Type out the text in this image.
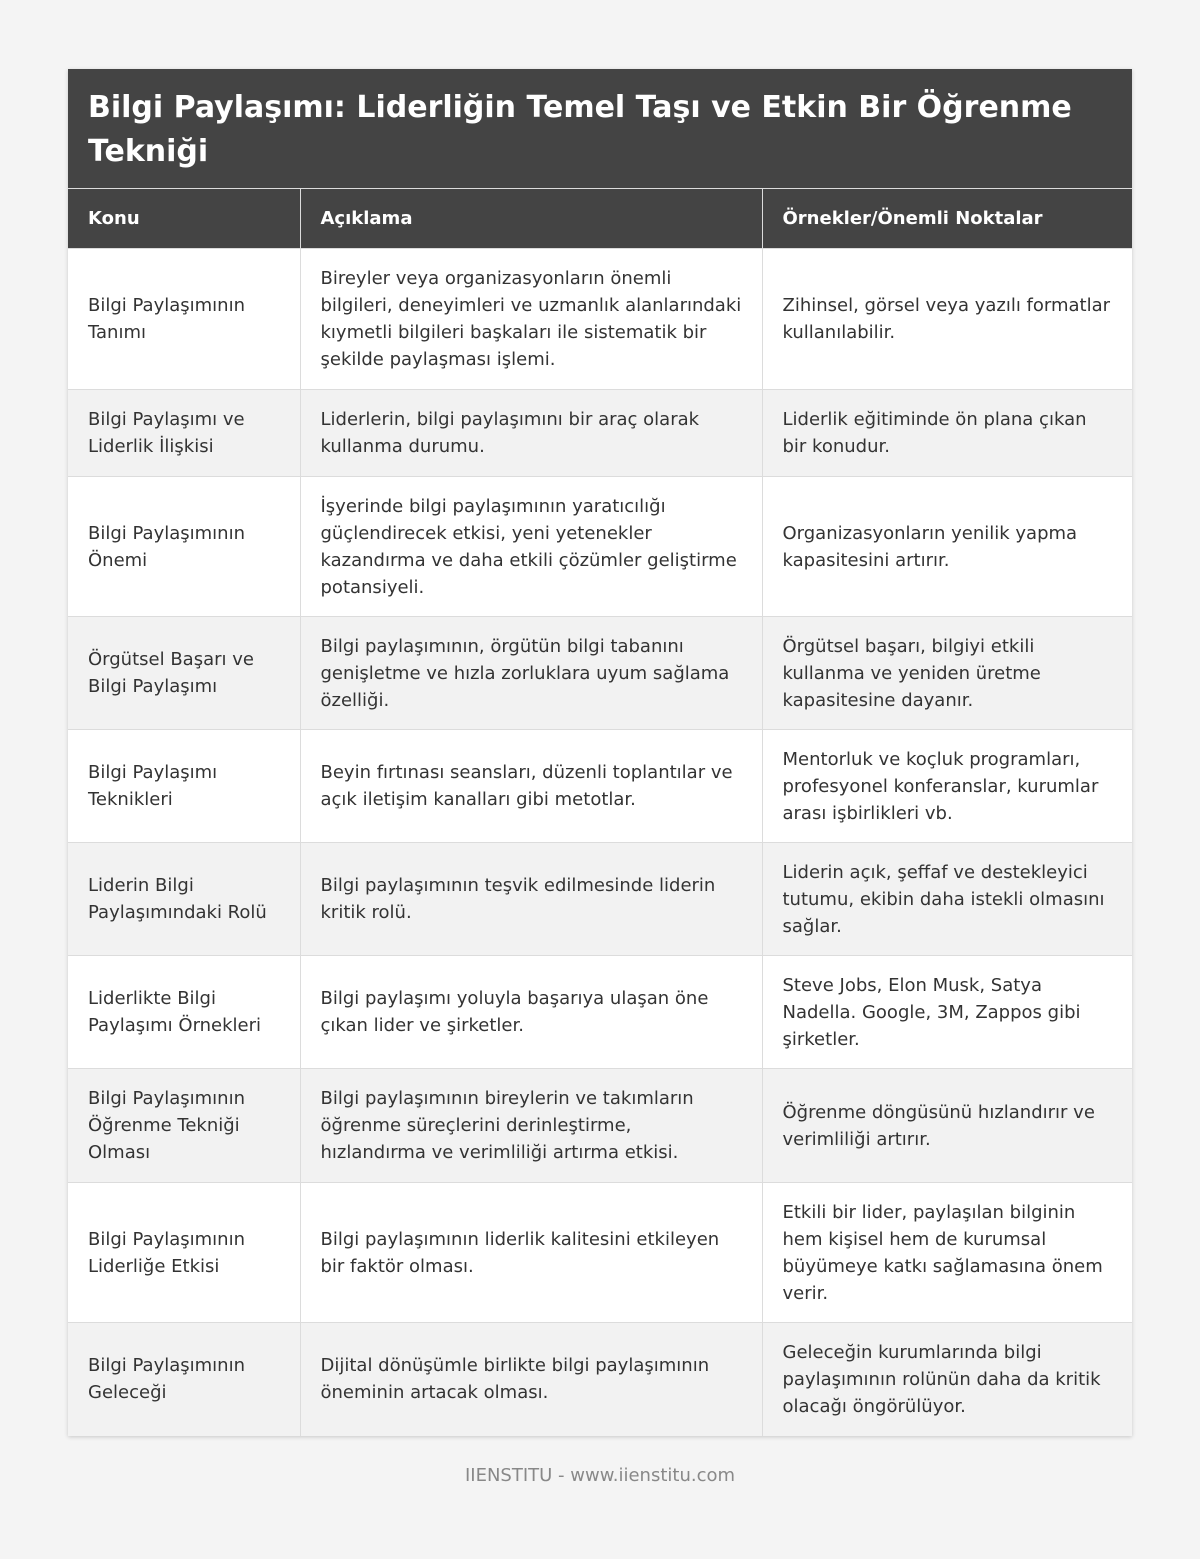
Bilgi Paylaşımı: Liderliğin Temel Taşı ve Etkin Bir Öğrenme Tekniği
Konu	Açıklama	Örnekler/Önemli Noktalar
Bilgi Paylaşımının Tanımı	Bireyler veya organizasyonların önemli bilgileri, deneyimleri ve uzmanlık alanlarındaki kıymetli bilgileri başkaları ile sistematik bir şekilde paylaşması işlemi.	Zihinsel, görsel veya yazılı formatlar kullanılabilir.
Bilgi Paylaşımı ve Liderlik İlişkisi	Liderlerin, bilgi paylaşımını bir araç olarak kullanma durumu.	Liderlik eğitiminde ön plana çıkan bir konudur.
Bilgi Paylaşımının Önemi	İşyerinde bilgi paylaşımının yaratıcılığı güçlendirecek etkisi, yeni yetenekler kazandırma ve daha etkili çözümler geliştirme potansiyeli.	Organizasyonların yenilik yapma kapasitesini artırır.
Örgütsel Başarı ve Bilgi Paylaşımı	Bilgi paylaşımının, örgütün bilgi tabanını genişletme ve hızla zorluklara uyum sağlama özelliği.	Örgütsel başarı, bilgiyi etkili kullanma ve yeniden üretme kapasitesine dayanır.
Bilgi Paylaşımı Teknikleri	Beyin fırtınası seansları, düzenli toplantılar ve açık iletişim kanalları gibi metotlar.	Mentorluk ve koçluk programları, profesyonel konferanslar, kurumlar arası işbirlikleri vb.
Liderin Bilgi Paylaşımındaki Rolü	Bilgi paylaşımının teşvik edilmesinde liderin kritik rolü.	Liderin açık, şeffaf ve destekleyici tutumu, ekibin daha istekli olmasını sağlar.
Liderlikte Bilgi Paylaşımı Örnekleri	Bilgi paylaşımı yoluyla başarıya ulaşan öne çıkan lider ve şirketler.	Steve Jobs, Elon Musk, Satya Nadella. Google, 3M, Zappos gibi şirketler.
Bilgi Paylaşımının Öğrenme Tekniği Olması	Bilgi paylaşımının bireylerin ve takımların öğrenme süreçlerini derinleştirme, hızlandırma ve verimliliği artırma etkisi.	Öğrenme döngüsünü hızlandırır ve verimliliği artırır.
Bilgi Paylaşımının Liderliğe Etkisi	Bilgi paylaşımının liderlik kalitesini etkileyen bir faktör olması.	Etkili bir lider, paylaşılan bilginin hem kişisel hem de kurumsal büyümeye katkı sağlamasına önem verir.
Bilgi Paylaşımının Geleceği	Dijital dönüşümle birlikte bilgi paylaşımının öneminin artacak olması.	Geleceğin kurumlarında bilgi paylaşımının rolünün daha da kritik olacağı öngörülüyor.
IIENSTITU - www.iienstitu.com
